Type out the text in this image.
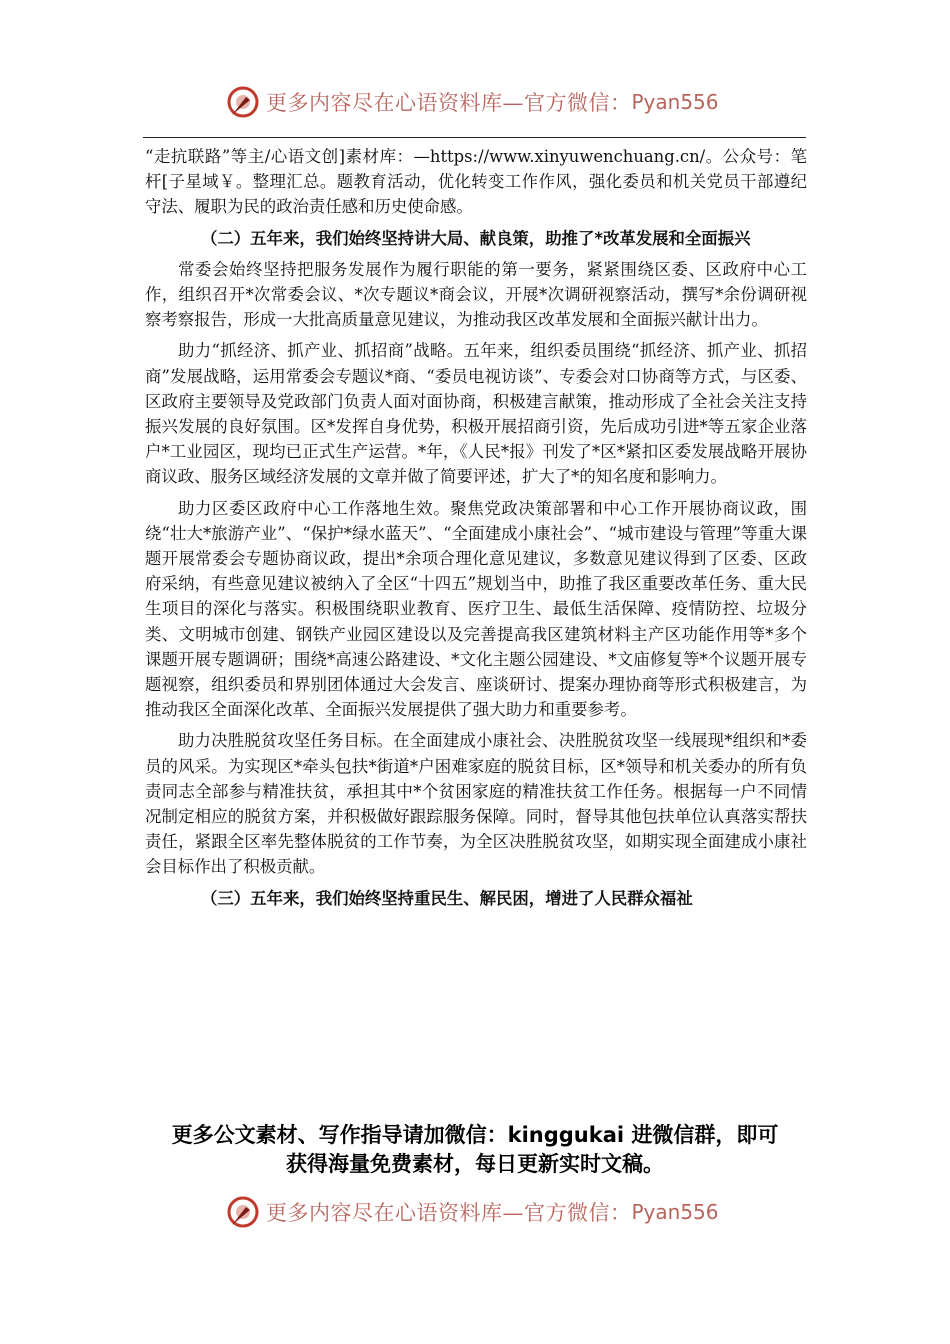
更多内容尽在心语资料库—官方微信： Pyan556

“走抗联路”等主/心语文创]素材库：—https://www.xinyuwenchuang.cn/。公众号：笔杆[子星域￥。整理汇总。题教育活动，优化转变工作作风，强化委员和机关党员干部遵纪守法、履职为民的政治责任感和历史使命感。

（二）五年来，我们始终坚持讲大局、献良策，助推了*改革发展和全面振兴

常委会始终坚持把服务发展作为履行职能的第一要务，紧紧围绕区委、区政府中心工作，组织召开*次常委会议、*次专题议*商会议，开展*次调研视察活动，撰写*余份调研视察考察报告，形成一大批高质量意见建议，为推动我区改革发展和全面振兴献计出力。

助力“抓经济、抓产业、抓招商”战略。五年来，组织委员围绕“抓经济、抓产业、抓招商”发展战略，运用常委会专题议*商、“委员电视访谈”、专委会对口协商等方式，与区委、区政府主要领导及党政部门负责人面对面协商，积极建言献策，推动形成了全社会关注支持振兴发展的良好氛围。区*发挥自身优势，积极开展招商引资，先后成功引进*等五家企业落户*工业园区，现均已正式生产运营。*年，《人民*报》刊发了*区*紧扣区委发展战略开展协商议政、服务区域经济发展的文章并做了简要评述，扩大了*的知名度和影响力。

助力区委区政府中心工作落地生效。聚焦党政决策部署和中心工作开展协商议政，围绕“壮大*旅游产业”、“保护*绿水蓝天”、“全面建成小康社会”、“城市建设与管理”等重大课题开展常委会专题协商议政，提出*余项合理化意见建议，多数意见建议得到了区委、区政府采纳，有些意见建议被纳入了全区“十四五”规划当中，助推了我区重要改革任务、重大民生项目的深化与落实。积极围绕职业教育、医疗卫生、最低生活保障、疫情防控、垃圾分类、文明城市创建、钢铁产业园区建设以及完善提高我区建筑材料主产区功能作用等*多个课题开展专题调研；围绕*高速公路建设、*文化主题公园建设、*文庙修复等*个议题开展专题视察，组织委员和界别团体通过大会发言、座谈研讨、提案办理协商等形式积极建言，为推动我区全面深化改革、全面振兴发展提供了强大助力和重要参考。

助力决胜脱贫攻坚任务目标。在全面建成小康社会、决胜脱贫攻坚一线展现*组织和*委员的风采。为实现区*牵头包扶*街道*户困难家庭的脱贫目标，区*领导和机关委办的所有负责同志全部参与精准扶贫，承担其中*个贫困家庭的精准扶贫工作任务。根据每一户不同情况制定相应的脱贫方案，并积极做好跟踪服务保障。同时，督导其他包扶单位认真落实帮扶责任，紧跟全区率先整体脱贫的工作节奏，为全区决胜脱贫攻坚，如期实现全面建成小康社会目标作出了积极贡献。

（三）五年来，我们始终坚持重民生、解民困，增进了人民群众福祉

更多公文素材、写作指导请加微信：kinggukai 进微信群，即可
获得海量免费素材，每日更新实时文稿。
更多内容尽在心语资料库—官方微信： Pyan556
